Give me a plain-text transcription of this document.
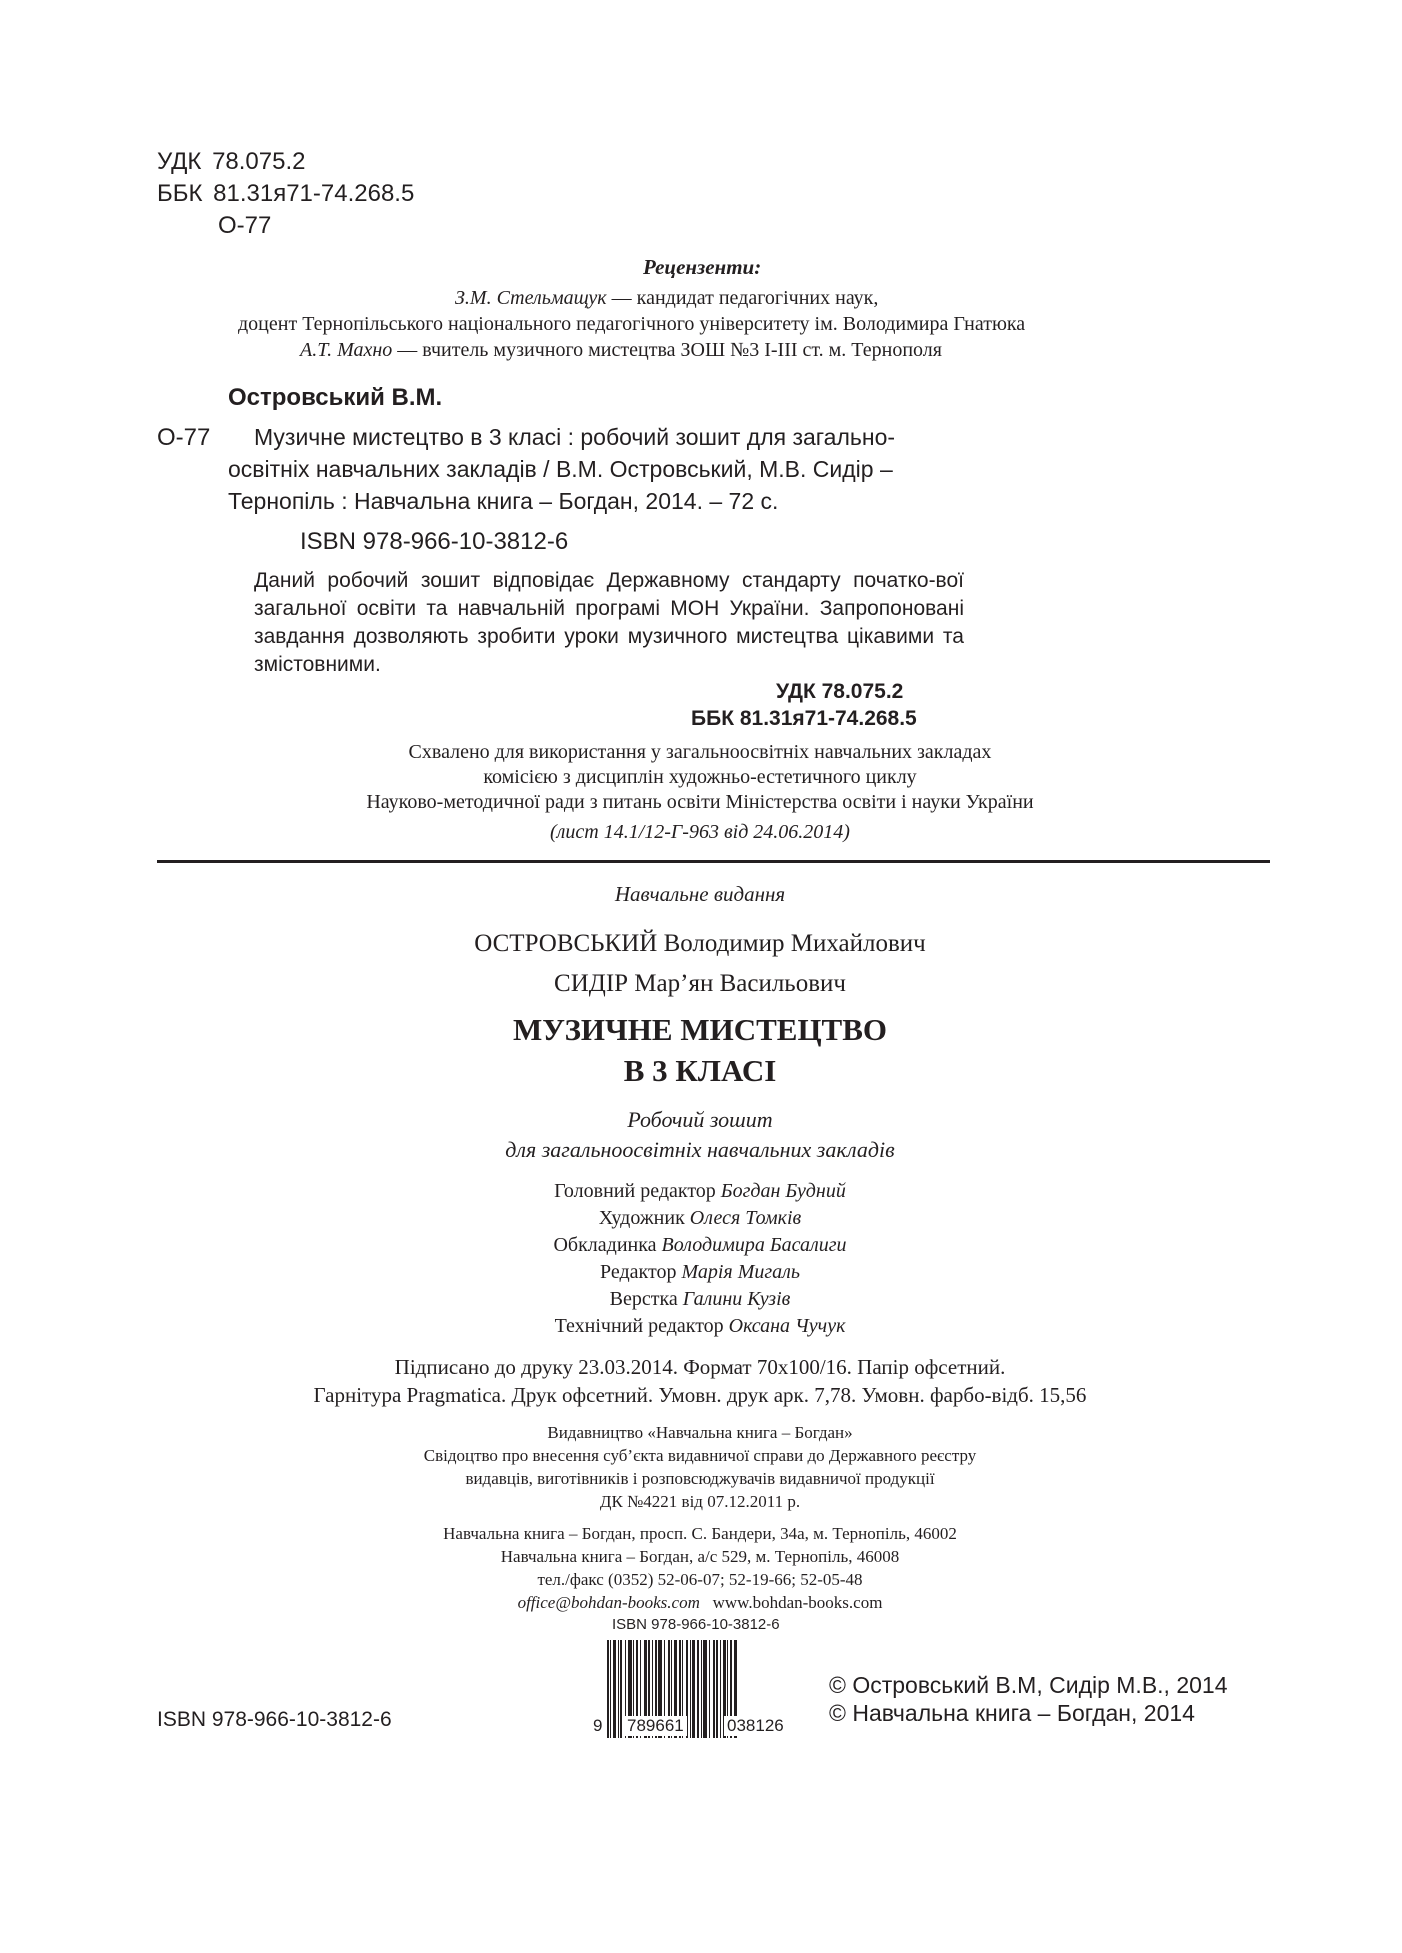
УДК 78.075.2
ББК 81.31я71-74.268.5
О-77
Рецензенти:
З.М. Стельмащук — кандидат педагогічних наук,
доцент Тернопільського національного педагогічного університету ім. Володимира Гнатюка
А.Т. Махно — вчитель музичного мистецтва ЗОШ №3 І-ІІІ ст. м. Тернополя
Островський В.М.
О-77 Музичне мистецтво в 3 класі : робочий зошит для загально-
освітніх навчальних закладів / В.М. Островський, М.В. Сидір –
Тернопіль : Навчальна книга – Богдан, 2014. – 72 с.
ISBN 978-966-10-3812-6
Даний робочий зошит відповідає Державному стандарту початко-вої загальної освіти та навчальній програмі МОН України. Запропоновані завдання дозволяють зробити уроки музичного мистецтва цікавими та змістовними.
УДК 78.075.2
ББК 81.31я71-74.268.5
Схвалено для використання у загальноосвітніх навчальних закладах
комісією з дисциплін художньо-естетичного циклу
Науково-методичної ради з питань освіти Міністерства освіти і науки України
(лист 14.1/12-Г-963 від 24.06.2014)
Навчальне видання
ОСТРОВСЬКИЙ Володимир Михайлович
СИДІР Мар’ян Васильович
МУЗИЧНЕ МИСТЕЦТВО
В 3 КЛАСІ
Робочий зошит
для загальноосвітніх навчальних закладів
Головний редактор Богдан Будний
Художник Олеся Томків
Обкладинка Володимира Басалиги
Редактор Марія Мигаль
Верстка Галини Кузів
Технічний редактор Оксана Чучук
Підписано до друку 23.03.2014. Формат 70х100/16. Папір офсетний.
Гарнітура Pragmatica. Друк офсетний. Умовн. друк арк. 7,78. Умовн. фарбо-відб. 15,56
Видавництво «Навчальна книга – Богдан»
Свідоцтво про внесення суб’єкта видавничої справи до Державного реєстру
видавців, виготівників і розповсюджувачів видавничої продукції
ДК №4221 від 07.12.2011 р.
Навчальна книга – Богдан, просп. С. Бандери, 34а, м. Тернопіль, 46002
Навчальна книга – Богдан, а/с 529, м. Тернопіль, 46008
тел./факс (0352) 52-06-07; 52-19-66; 52-05-48
office@bohdan-books.com www.bohdan-books.com
ISBN 978-966-10-3812-6
ISBN 978-966-10-3812-6
9 789661	038126
© Островський В.М, Сидір М.В., 2014
© Навчальна книга – Богдан, 2014
